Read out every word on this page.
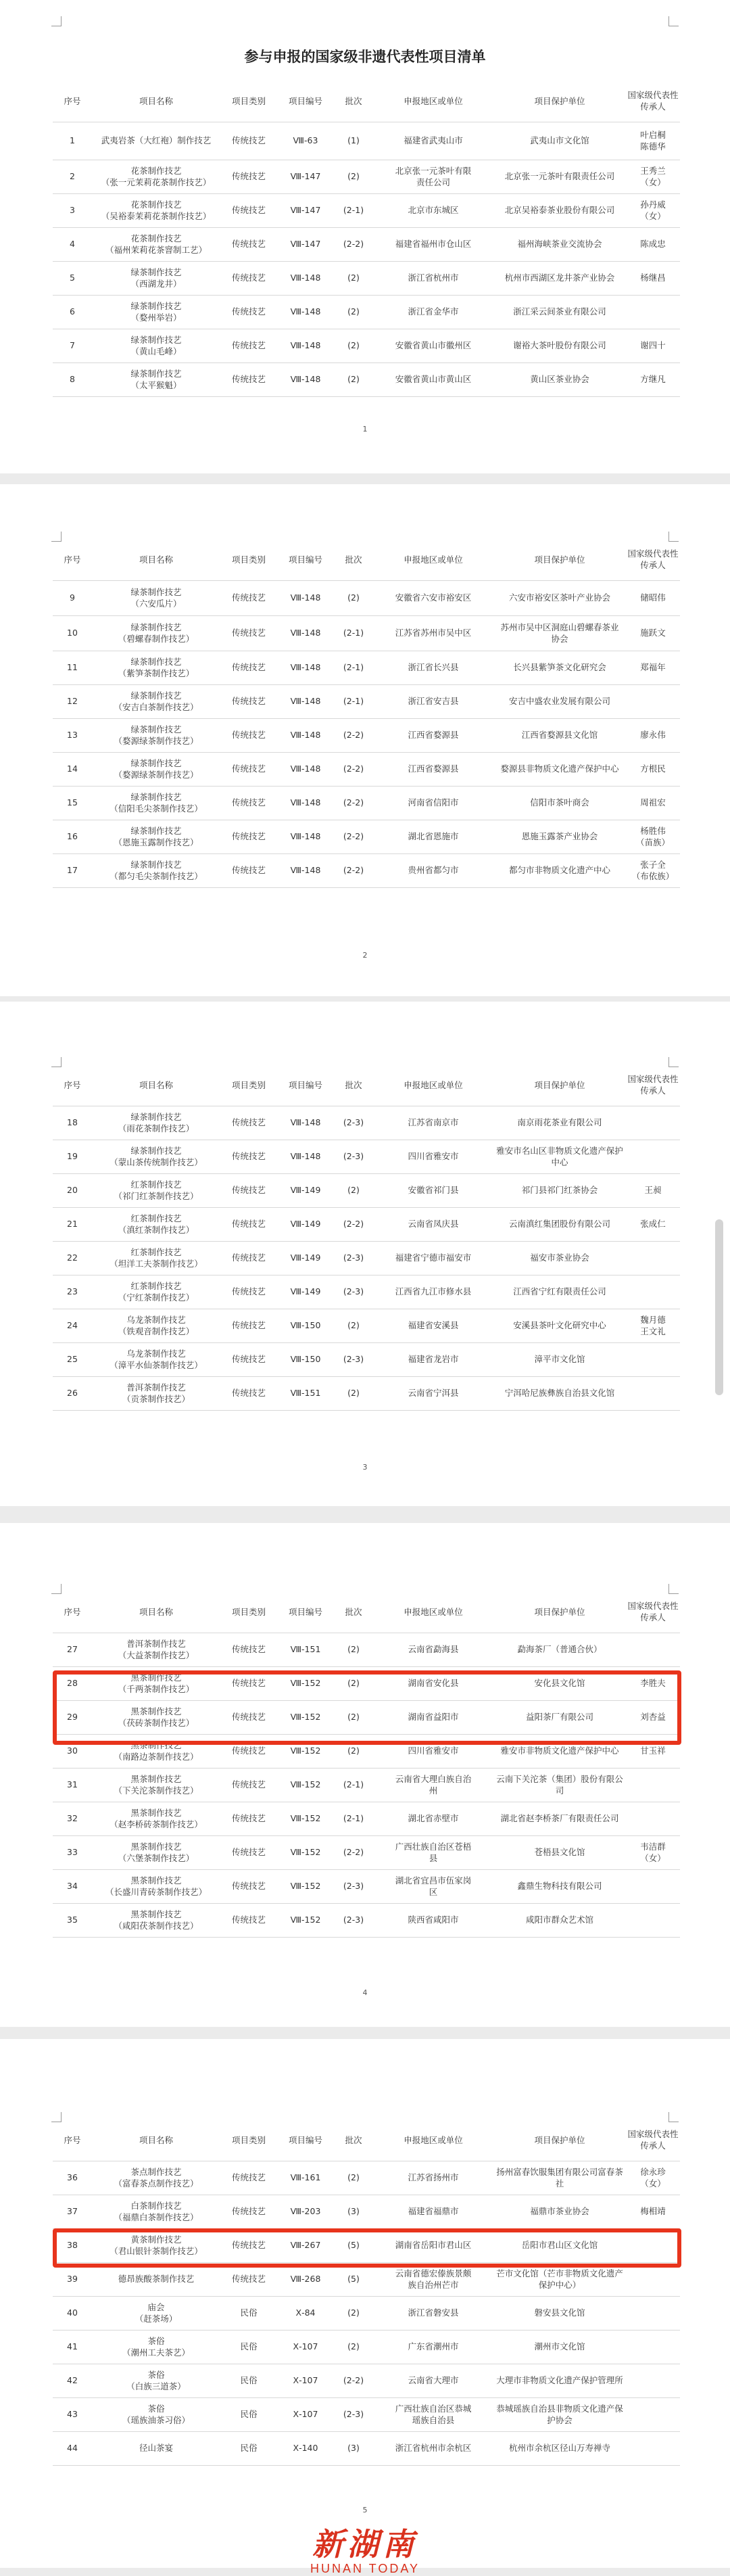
参与申报的国家级非遗代表性项目清单
序号	项目名称	项目类别	项目编号	批次	申报地区或单位	项目保护单位	国家级代表性传承人
1	武夷岩茶（大红袍）制作技艺	传统技艺	Ⅷ-63	(1)	福建省武夷山市	武夷山市文化馆	叶启桐
陈德华
2	花茶制作技艺
（张一元茉莉花茶制作技艺）	传统技艺	Ⅷ-147	(2)	北京张一元茶叶有限
责任公司	北京张一元茶叶有限责任公司	王秀兰
（女）
3	花茶制作技艺
（吴裕泰茉莉花茶制作技艺）	传统技艺	Ⅷ-147	(2-1)	北京市东城区	北京吴裕泰茶业股份有限公司	孙丹威
（女）
4	花茶制作技艺
（福州茉莉花茶窨制工艺）	传统技艺	Ⅷ-147	(2-2)	福建省福州市仓山区	福州海峡茶业交流协会	陈成忠
5	绿茶制作技艺
（西湖龙井）	传统技艺	Ⅷ-148	(2)	浙江省杭州市	杭州市西湖区龙井茶产业协会	杨继昌
6	绿茶制作技艺
（婺州举岩）	传统技艺	Ⅷ-148	(2)	浙江省金华市	浙江采云间茶业有限公司	
7	绿茶制作技艺
（黄山毛峰）	传统技艺	Ⅷ-148	(2)	安徽省黄山市徽州区	谢裕大茶叶股份有限公司	谢四十
8	绿茶制作技艺
（太平猴魁）	传统技艺	Ⅷ-148	(2)	安徽省黄山市黄山区	黄山区茶业协会	方继凡
1
序号	项目名称	项目类别	项目编号	批次	申报地区或单位	项目保护单位	国家级代表性传承人
9	绿茶制作技艺
（六安瓜片）	传统技艺	Ⅷ-148	(2)	安徽省六安市裕安区	六安市裕安区茶叶产业协会	储昭伟
10	绿茶制作技艺
（碧螺春制作技艺）	传统技艺	Ⅷ-148	(2-1)	江苏省苏州市吴中区	苏州市吴中区洞庭山碧螺春茶业
协会	施跃文
11	绿茶制作技艺
（紫笋茶制作技艺）	传统技艺	Ⅷ-148	(2-1)	浙江省长兴县	长兴县紫笋茶文化研究会	郑福年
12	绿茶制作技艺
（安吉白茶制作技艺）	传统技艺	Ⅷ-148	(2-1)	浙江省安吉县	安吉中盛农业发展有限公司	
13	绿茶制作技艺
（婺源绿茶制作技艺）	传统技艺	Ⅷ-148	(2-2)	江西省婺源县	江西省婺源县文化馆	廖永伟
14	绿茶制作技艺
（婺源绿茶制作技艺）	传统技艺	Ⅷ-148	(2-2)	江西省婺源县	婺源县非物质文化遗产保护中心	方根民
15	绿茶制作技艺
（信阳毛尖茶制作技艺）	传统技艺	Ⅷ-148	(2-2)	河南省信阳市	信阳市茶叶商会	周祖宏
16	绿茶制作技艺
（恩施玉露制作技艺）	传统技艺	Ⅷ-148	(2-2)	湖北省恩施市	恩施玉露茶产业协会	杨胜伟
（苗族）
17	绿茶制作技艺
（都匀毛尖茶制作技艺）	传统技艺	Ⅷ-148	(2-2)	贵州省都匀市	都匀市非物质文化遗产中心	张子全
（布依族）
2
序号	项目名称	项目类别	项目编号	批次	申报地区或单位	项目保护单位	国家级代表性传承人
18	绿茶制作技艺
（雨花茶制作技艺）	传统技艺	Ⅷ-148	(2-3)	江苏省南京市	南京雨花茶业有限公司	
19	绿茶制作技艺
（蒙山茶传统制作技艺）	传统技艺	Ⅷ-148	(2-3)	四川省雅安市	雅安市名山区非物质文化遗产保护
中心	
20	红茶制作技艺
（祁门红茶制作技艺）	传统技艺	Ⅷ-149	(2)	安徽省祁门县	祁门县祁门红茶协会	王昶
21	红茶制作技艺
（滇红茶制作技艺）	传统技艺	Ⅷ-149	(2-2)	云南省凤庆县	云南滇红集团股份有限公司	张成仁
22	红茶制作技艺
（坦洋工夫茶制作技艺）	传统技艺	Ⅷ-149	(2-3)	福建省宁德市福安市	福安市茶业协会	
23	红茶制作技艺
（宁红茶制作技艺）	传统技艺	Ⅷ-149	(2-3)	江西省九江市修水县	江西省宁红有限责任公司	
24	乌龙茶制作技艺
（铁观音制作技艺）	传统技艺	Ⅷ-150	(2)	福建省安溪县	安溪县茶叶文化研究中心	魏月德
王文礼
25	乌龙茶制作技艺
（漳平水仙茶制作技艺）	传统技艺	Ⅷ-150	(2-3)	福建省龙岩市	漳平市文化馆	
26	普洱茶制作技艺
（贡茶制作技艺）	传统技艺	Ⅷ-151	(2)	云南省宁洱县	宁洱哈尼族彝族自治县文化馆	
3
序号	项目名称	项目类别	项目编号	批次	申报地区或单位	项目保护单位	国家级代表性传承人
27	普洱茶制作技艺
（大益茶制作技艺）	传统技艺	Ⅷ-151	(2)	云南省勐海县	勐海茶厂（普通合伙）	
28	黑茶制作技艺
（千两茶制作技艺）	传统技艺	Ⅷ-152	(2)	湖南省安化县	安化县文化馆	李胜夫
29	黑茶制作技艺
（茯砖茶制作技艺）	传统技艺	Ⅷ-152	(2)	湖南省益阳市	益阳茶厂有限公司	刘杏益
30	黑茶制作技艺
（南路边茶制作技艺）	传统技艺	Ⅷ-152	(2)	四川省雅安市	雅安市非物质文化遗产保护中心	甘玉祥
31	黑茶制作技艺
（下关沱茶制作技艺）	传统技艺	Ⅷ-152	(2-1)	云南省大理白族自治
州	云南下关沱茶（集团）股份有限公
司	
32	黑茶制作技艺
（赵李桥砖茶制作技艺）	传统技艺	Ⅷ-152	(2-1)	湖北省赤壁市	湖北省赵李桥茶厂有限责任公司	
33	黑茶制作技艺
（六堡茶制作技艺）	传统技艺	Ⅷ-152	(2-2)	广西壮族自治区苍梧
县	苍梧县文化馆	韦洁群
（女）
34	黑茶制作技艺
（长盛川青砖茶制作技艺）	传统技艺	Ⅷ-152	(2-3)	湖北省宜昌市伍家岗
区	鑫鼎生物科技有限公司	
35	黑茶制作技艺
（咸阳茯茶制作技艺）	传统技艺	Ⅷ-152	(2-3)	陕西省咸阳市	咸阳市群众艺术馆	
4
序号	项目名称	项目类别	项目编号	批次	申报地区或单位	项目保护单位	国家级代表性传承人
36	茶点制作技艺
（富春茶点制作技艺）	传统技艺	Ⅷ-161	(2)	江苏省扬州市	扬州富春饮服集团有限公司富春茶
社	徐永珍
（女）
37	白茶制作技艺
（福鼎白茶制作技艺）	传统技艺	Ⅷ-203	(3)	福建省福鼎市	福鼎市茶业协会	梅相靖
38	黄茶制作技艺
（君山银针茶制作技艺）	传统技艺	Ⅷ-267	(5)	湖南省岳阳市君山区	岳阳市君山区文化馆	
39	德昂族酸茶制作技艺	传统技艺	Ⅷ-268	(5)	云南省德宏傣族景颇
族自治州芒市	芒市文化馆（芒市非物质文化遗产
保护中心）	
40	庙会
（赶茶场）	民俗	Ⅹ-84	(2)	浙江省磐安县	磐安县文化馆	
41	茶俗
（潮州工夫茶艺）	民俗	Ⅹ-107	(2)	广东省潮州市	潮州市文化馆	
42	茶俗
（白族三道茶）	民俗	Ⅹ-107	(2-2)	云南省大理市	大理市非物质文化遗产保护管理所	
43	茶俗
（瑶族油茶习俗）	民俗	Ⅹ-107	(2-3)	广西壮族自治区恭城
瑶族自治县	恭城瑶族自治县非物质文化遗产保护协会	
44	径山茶宴	民俗	Ⅹ-140	(3)	浙江省杭州市余杭区	杭州市余杭区径山万寿禅寺	
5
新湖南
HUNAN TODAY
